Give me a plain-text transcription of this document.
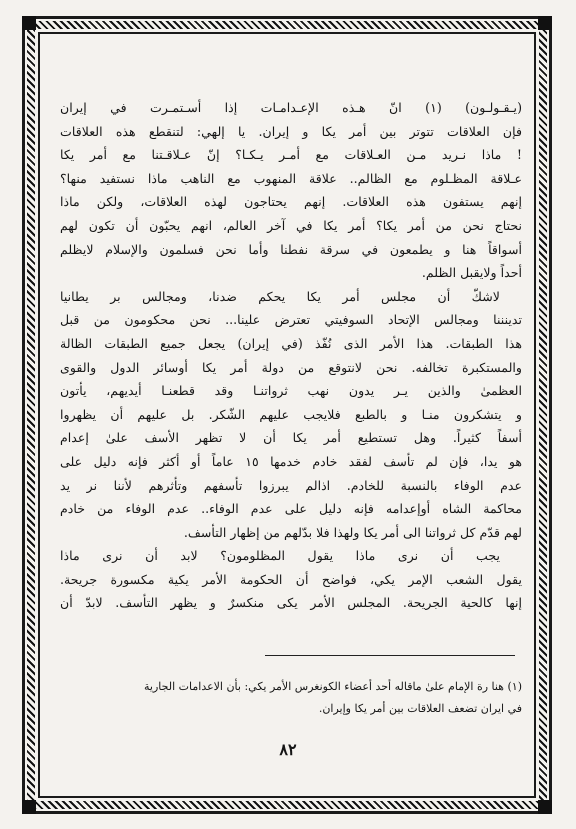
(يـقـولـون) (١) انّ هـذه الإعـدامـات إذا أسـتمـرت في إيران
فإن العلاقات تتوتر بين أمر يكا و إيران. يا إلهي: لتنقطع هذه العلاقات
! ماذا نـريد مـن العـلاقات مع أمـر يـكـا؟ إنّ عـلاقـتنا مع أمر يكا
عـلاقة المظـلوم مع الظالم.. علاقة المنهوب مع الناهب ماذا نستفيد منها؟
إنهم يستفون هذه العلاقات. إنهم يحتاجون لهذه العلاقات، ولكن ماذا
نحتاج نحن من أمر يكا؟ أمر يكا في آخر العالم، انهم يحبّون أن تكون لهم
أسواقاً هنا و يطمعون في سرقة نفطنا وأما نحن فسلمون والإسلام لايظلم
أحداً ولايقبل الظلم.
لاشكّ أن مجلس أمر يكا يحكم ضدنا، ومجالس بر يطانيا
تدينننا ومجالس الإتحاد السوفيتي تعترض علينا... نحن محكومون من قبل
هذا الطبقات. هذا الأمر الذى نُفّذ (في إيران) يجعل جميع الطبقات الظالة
والمستكبرة تخالفه. نحن لانتوقع من دولة أمر يكا أوسائر الدول والقوى
العظمىٰ والذين يـر يدون نهب ثرواتنـا وقد قطعنـا أيديهم، يأتون
و يتشكرون منـا و بالطبع فلايجب عليهم الشّكر. بل عليهم أن يظهروا
أسفاً كثيراً. وهل تستطيع أمر يكا أن لا تظهر الأسف علىٰ إعدام
هو يدا، فإن لم تأسف لفقد خادم خدمها ١٥ عاماً أو أكثر فإنه دليل على
عدم الوفاء بالنسبة للخادم. اذالم يبرزوا تأسفهم وتأثرهم لأننا نر يد
محاكمة الشاه أوإعدامه فإنه دليل على عدم الوفاء.. عدم الوفاء من خادم
لهم قدّم كل ثرواتنا الى أمر يكا ولهذا فلا بدّلهم من إظهار التأسف.
يجب أن نرى ماذا يقول المظلومون؟ لابد أن نرى ماذا
يقول الشعب الإمر يكي، فواضح أن الحكومة الأمر يكية مكسورة جريحة.
إنها كالحية الجريحة. المجلس الأمر يكى منكسرٌ و يظهر التأسف. لابدّ أن
(١) هنا رة الإمام علىٰ ماقاله أحد أعضاء الكونغرس الأمر يكي: بأن الاعدامات الجارية
في ايران تضعف العلاقات بين أمر يكا وإيران.
٨٢
